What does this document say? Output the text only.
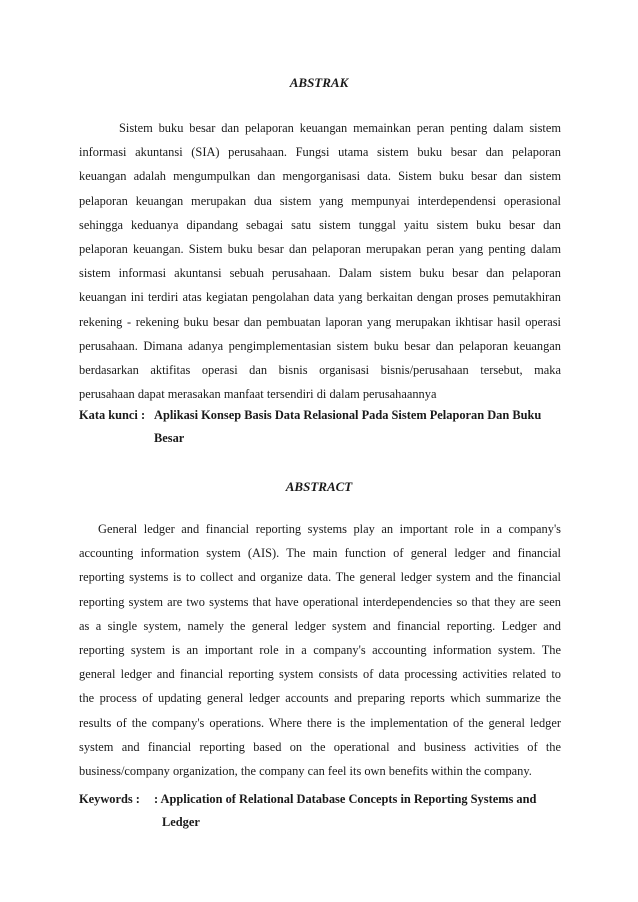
ABSTRAK
Sistem buku besar dan pelaporan keuangan memainkan peran penting dalam sistem
informasi akuntansi (SIA) perusahaan. Fungsi utama sistem buku besar dan pelaporan
keuangan adalah mengumpulkan dan mengorganisasi data. Sistem buku besar dan sistem
pelaporan keuangan merupakan dua sistem yang mempunyai interdependensi operasional
sehingga keduanya dipandang sebagai satu sistem tunggal yaitu sistem buku besar dan
pelaporan keuangan. Sistem buku besar dan pelaporan merupakan peran yang penting dalam
sistem informasi akuntansi sebuah perusahaan. Dalam sistem buku besar dan pelaporan
keuangan ini terdiri atas kegiatan pengolahan data yang berkaitan dengan proses pemutakhiran
rekening - rekening buku besar dan pembuatan laporan yang merupakan ikhtisar hasil operasi
perusahaan. Dimana adanya pengimplementasian sistem buku besar dan pelaporan keuangan
berdasarkan aktifitas operasi dan bisnis organisasi bisnis/perusahaan tersebut, maka
perusahaan dapat merasakan manfaat tersendiri di dalam perusahaannya
Kata kunci : Aplikasi Konsep Basis Data Relasional Pada Sistem Pelaporan Dan Buku
Besar
ABSTRACT
General ledger and financial reporting systems play an important role in a company's
accounting information system (AIS). The main function of general ledger and financial
reporting systems is to collect and organize data. The general ledger system and the financial
reporting system are two systems that have operational interdependencies so that they are seen
as a single system, namely the general ledger system and financial reporting. Ledger and
reporting system is an important role in a company's accounting information system. The
general ledger and financial reporting system consists of data processing activities related to
the process of updating general ledger accounts and preparing reports which summarize the
results of the company's operations. Where there is the implementation of the general ledger
system and financial reporting based on the operational and business activities of the
business/company organization, the company can feel its own benefits within the company.
Keywords : : Application of Relational Database Concepts in Reporting Systems and
Ledger
